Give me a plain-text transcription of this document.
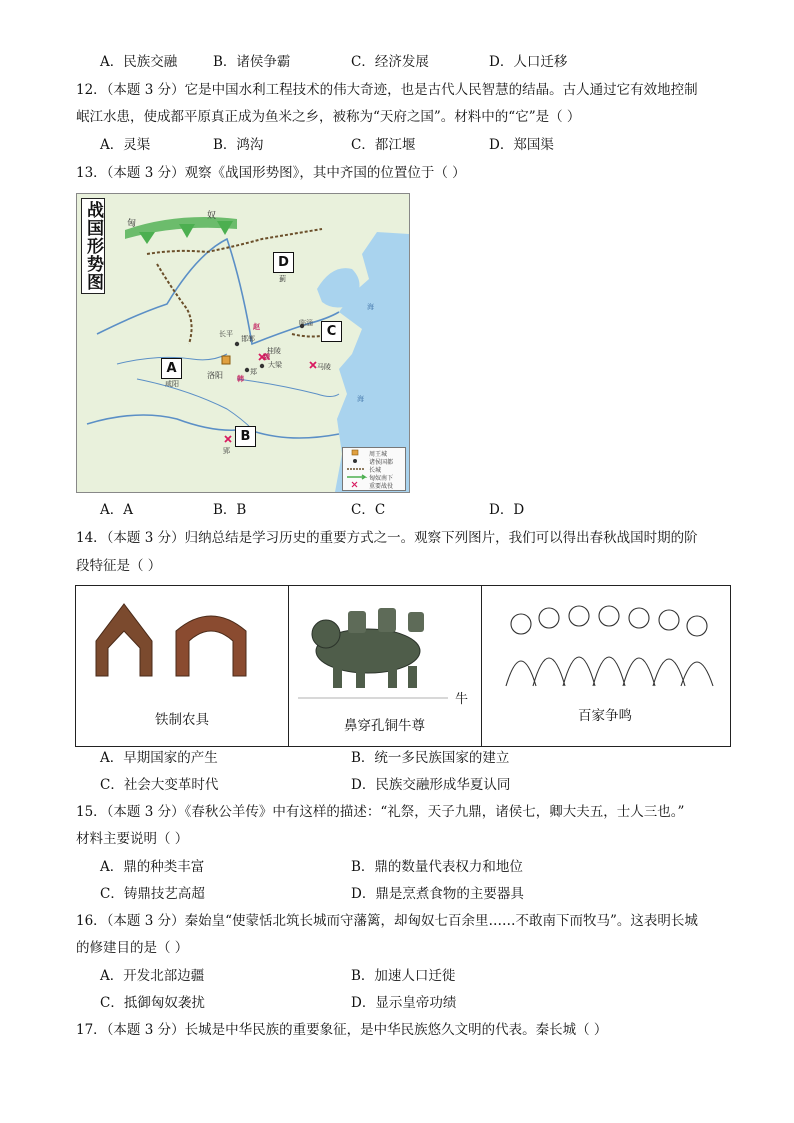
A．民族交融	B．诸侯争霸	C．经济发展	D．人口迁移
12．（本题 3 分）它是中国水利工程技术的伟大奇迹，也是古代人民智慧的结晶。古人通过它有效地控制
岷江水患，使成都平原真正成为鱼米之乡，被称为“天府之国”。材料中的“它”是（ ）
A．灵渠	B．鸿沟	C．都江堰	D．郑国渠
13．（本题 3 分）观察《战国形势图》，其中齐国的位置位于（ ）
战国形势图	匈
奴
赵
魏
韩
洛阳
咸阳
大梁
长平
邯郸
郑
马陵
桂陵
临淄
蓟
郢
海
海
A
B
C
D
周王城
诸侯国都
长城
匈奴南下
重要战役
A．A	B．B	C．C	D．D
14．（本题 3 分）归纳总结是学习历史的重要方式之一。观察下列图片，我们可以得出春秋战国时期的阶
段特征是（ ）
铁制农具
牛
鼻穿孔铜牛尊
百家争鸣
A．早期国家的产生	B．统一多民族国家的建立
C．社会大变革时代	D．民族交融形成华夏认同
15．（本题 3 分）《春秋公羊传》中有这样的描述：“礼祭，天子九鼎，诸侯七，卿大夫五，士人三也。”
材料主要说明（ ）
A．鼎的种类丰富	B．鼎的数量代表权力和地位
C．铸鼎技艺高超	D．鼎是烹煮食物的主要器具
16．（本题 3 分）秦始皇“使蒙恬北筑长城而守藩篱，却匈奴七百余里……不敢南下而牧马”。这表明长城
的修建目的是（ ）
A．开发北部边疆	B．加速人口迁徙
C．抵御匈奴袭扰	D．显示皇帝功绩
17．（本题 3 分）长城是中华民族的重要象征，是中华民族悠久文明的代表。秦长城（ ）
